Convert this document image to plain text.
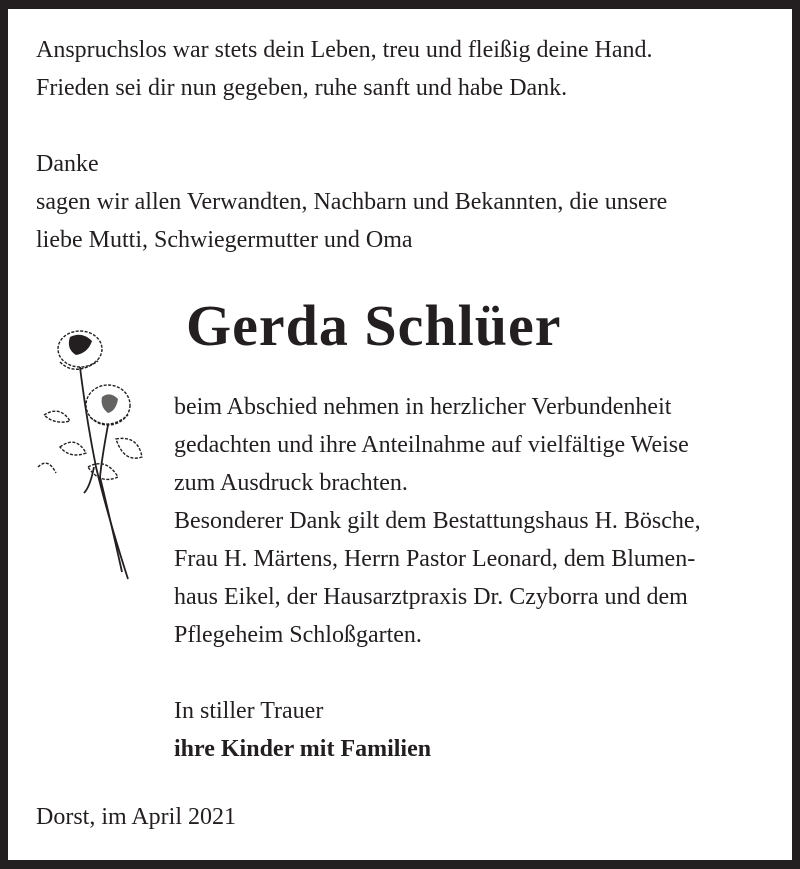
Anspruchslos war stets dein Leben, treu und fleißig deine Hand.
Frieden sei dir nun gegeben, ruhe sanft und habe Dank.
Danke
sagen wir allen Verwandten, Nachbarn und Bekannten, die unsere
liebe Mutti, Schwiegermutter und Oma
Gerda Schlüer
beim Abschied nehmen in herzlicher Verbundenheit
gedachten und ihre Anteilnahme auf vielfältige Weise
zum Ausdruck brachten.
Besonderer Dank gilt dem Bestattungshaus H. Bösche,
Frau H. Märtens, Herrn Pastor Leonard, dem Blumen-
haus Eikel, der Hausarztpraxis Dr. Czyborra und dem
Pflegeheim Schloßgarten.
In stiller Trauer
ihre Kinder mit Familien
Dorst, im April 2021
